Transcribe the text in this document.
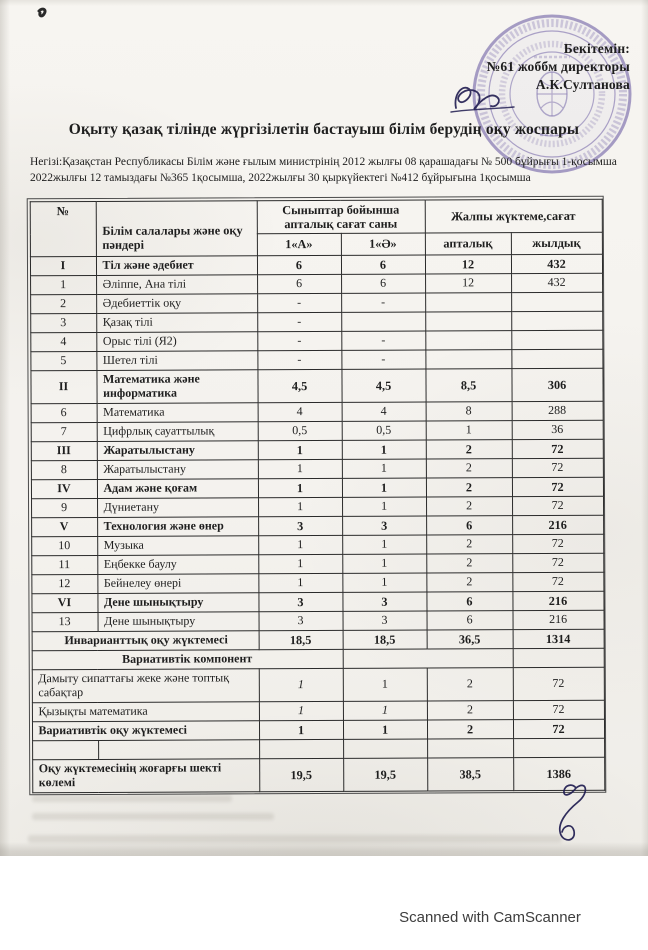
Бекітемін:
№61 жоббм директоры
А.К.Султанова
Оқыту қазақ тілінде жүргізілетін бастауыш білім берудің оқу жоспары
Негізі:Қазақстан Республикасы Білім және ғылым министрінің 2012 жылғы 08 қарашадағы № 500 бұйрығы 1-қосымша 2022жылғы 12 тамыздағы №365 1қосымша, 2022жылғы 30 қыркүйектегі №412 бұйрығына 1қосымша
№	Білім салалары және оқу пәндері	Сыныптар бойынша апталық сағат саны		Жалпы жүктеме,сағат	
		1«А»	1«Ә»	апталық	жылдық
I	Тіл және әдебиет	6	6	12	432
1	Әліппе, Ана тілі	6	6	12	432
2	Әдебиеттік оқу	-	-		
3	Қазақ тілі	-			
4	Орыс тілі (Я2)	-	-		
5	Шетел тілі	-	-		
II	Математика және информатика	4,5	4,5	8,5	306
6	Математика	4	4	8	288
7	Цифрлық сауаттылық	0,5	0,5	1	36
III	Жаратылыстану	1	1	2	72
8	Жаратылыстану	1	1	2	72
IV	Адам және қоғам	1	1	2	72
9	Дүниетану	1	1	2	72
V	Технология және өнер	3	3	6	216
10	Музыка	1	1	2	72
11	Еңбекке баулу	1	1	2	72
12	Бейнелеу өнері	1	1	2	72
VI	Дене шынықтыру	3	3	6	216
13	Дене шынықтыру	3	3	6	216
Инварианттық оқу жүктемесі		18,5	18,5	36,5	1314
Вариативтік компонент					
Дамыту сипаттағы жеке және топтық сабақтар		1	1	2	72
Қызықты математика		1	1	2	72
Вариативтік оқу жүктемесі		1	1	2	72

Оқу жүктемесінің жоғарғы шекті көлемі		19,5	19,5	38,5	1386
Scanned with CamScanner
